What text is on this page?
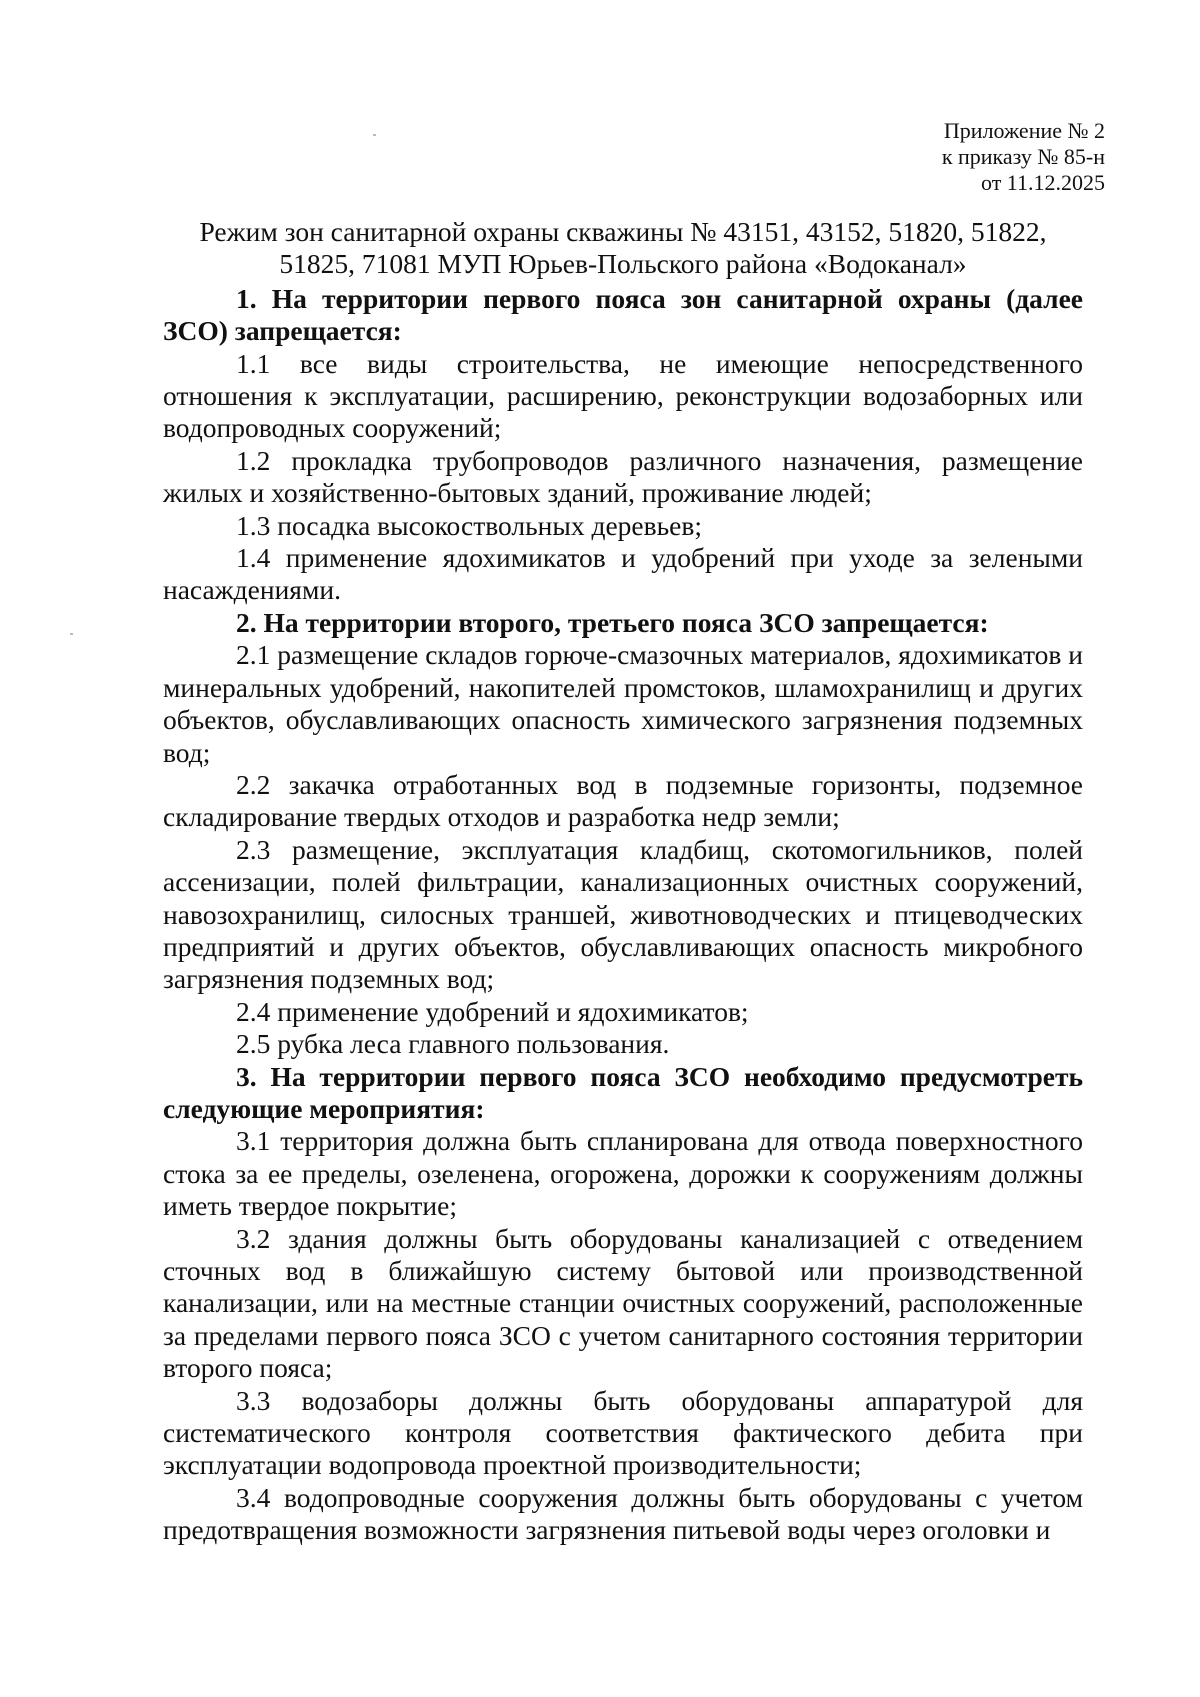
Приложение № 2
к приказу № 85-н
от 11.12.2025
Режим зон санитарной охраны скважины № 43151, 43152, 51820, 51822,
51825, 71081 МУП Юрьев-Польского района «Водоканал»

1. На территории первого пояса зон санитарной охраны (далее ЗСО) запрещается:

1.1 все виды строительства, не имеющие непосредственного отношения к эксплуатации, расширению, реконструкции водозаборных или водопроводных сооружений;

1.2 прокладка трубопроводов различного назначения, размещение жилых и хозяйственно-бытовых зданий, проживание людей;

1.3 посадка высокоствольных деревьев;

1.4 применение ядохимикатов и удобрений при уходе за зелеными насаждениями.

2. На территории второго, третьего пояса ЗСО запрещается:

2.1 размещение складов горюче-смазочных материалов, ядохимикатов и минеральных удобрений, накопителей промстоков, шламохранилищ и других объектов, обуславливающих опасность химического загрязнения подземных вод;

2.2 закачка отработанных вод в подземные горизонты, подземное складирование твердых отходов и разработка недр земли;

2.3 размещение, эксплуатация кладбищ, скотомогильников, полей ассенизации, полей фильтрации, канализационных очистных сооружений, навозохранилищ, силосных траншей, животноводческих и птицеводческих предприятий и других объектов, обуславливающих опасность микробного загрязнения подземных вод;

2.4 применение удобрений и ядохимикатов;

2.5 рубка леса главного пользования.

3. На территории первого пояса ЗСО необходимо предусмотреть следующие мероприятия:

3.1 территория должна быть спланирована для отвода поверхностного стока за ее пределы, озеленена, огорожена, дорожки к сооружениям должны иметь твердое покрытие;

3.2 здания должны быть оборудованы канализацией с отведением сточных вод в ближайшую систему бытовой или производственной канализации, или на местные станции очистных сооружений, расположенные за пределами первого пояса ЗСО с учетом санитарного состояния территории второго пояса;

3.3 водозаборы должны быть оборудованы аппаратурой для систематического контроля соответствия фактического дебита при эксплуатации водопровода проектной производительности;

3.4 водопроводные сооружения должны быть оборудованы с учетом предотвращения возможности загрязнения питьевой воды через оголовки и
